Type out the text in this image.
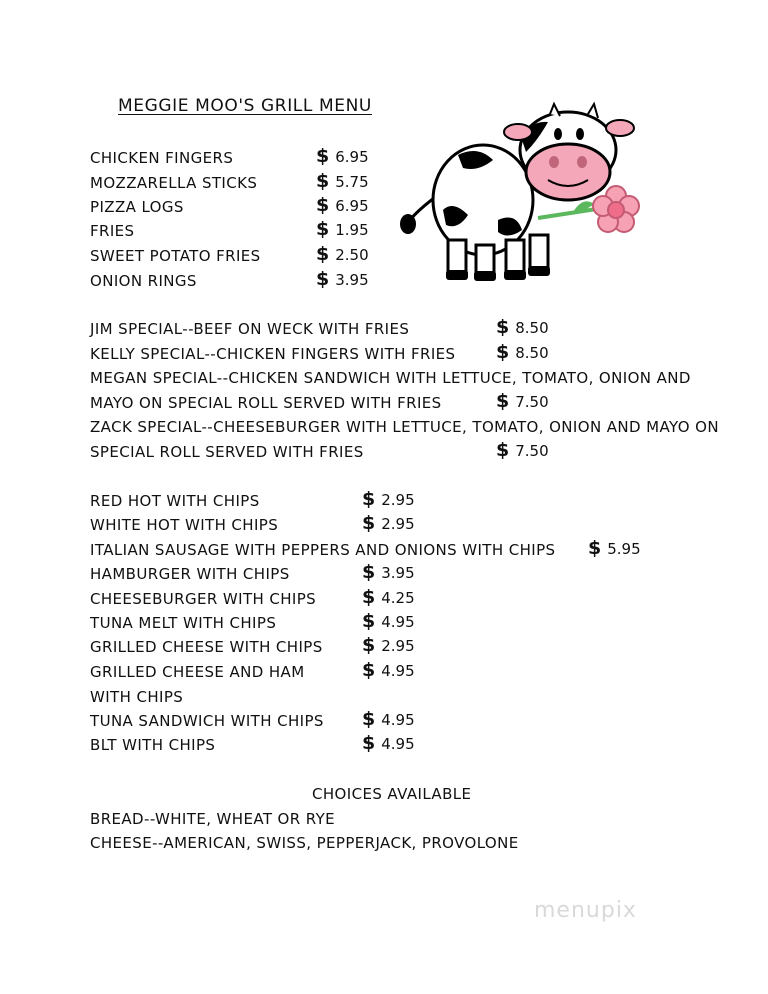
MEGGIE MOO'S GRILL MENU
CHICKEN FINGERS	$ 6.95
MOZZARELLA STICKS	$ 5.75
PIZZA LOGS	$ 6.95
FRIES	$ 1.95
SWEET POTATO FRIES	$ 2.50
ONION RINGS	$ 3.95
JIM SPECIAL--BEEF ON WECK WITH FRIES	$ 8.50
KELLY SPECIAL--CHICKEN FINGERS WITH FRIES $ 8.50
MEGAN SPECIAL--CHICKEN SANDWICH WITH LETTUCE, TOMATO, ONION AND
MAYO ON SPECIAL ROLL SERVED WITH FRIES	$ 7.50
ZACK SPECIAL--CHEESEBURGER WITH LETTUCE, TOMATO, ONION AND MAYO ON
SPECIAL ROLL SERVED WITH FRIES	$ 7.50
RED HOT WITH CHIPS	$ 2.95
WHITE HOT WITH CHIPS	$ 2.95
ITALIAN SAUSAGE WITH PEPPERS AND ONIONS WITH CHIPS $ 5.95
HAMBURGER WITH CHIPS	$ 3.95
CHEESEBURGER WITH CHIPS $ 4.25
TUNA MELT WITH CHIPS	$ 4.95
GRILLED CHEESE WITH CHIPS $ 2.95
GRILLED CHEESE AND HAM
WITH CHIPS
$ 4.95
TUNA SANDWICH WITH CHIPS $ 4.95
BLT WITH CHIPS	$ 4.95
CHOICES AVAILABLE
BREAD--WHITE, WHEAT OR RYE
CHEESE--AMERICAN, SWISS, PEPPERJACK, PROVOLONE
menupix
